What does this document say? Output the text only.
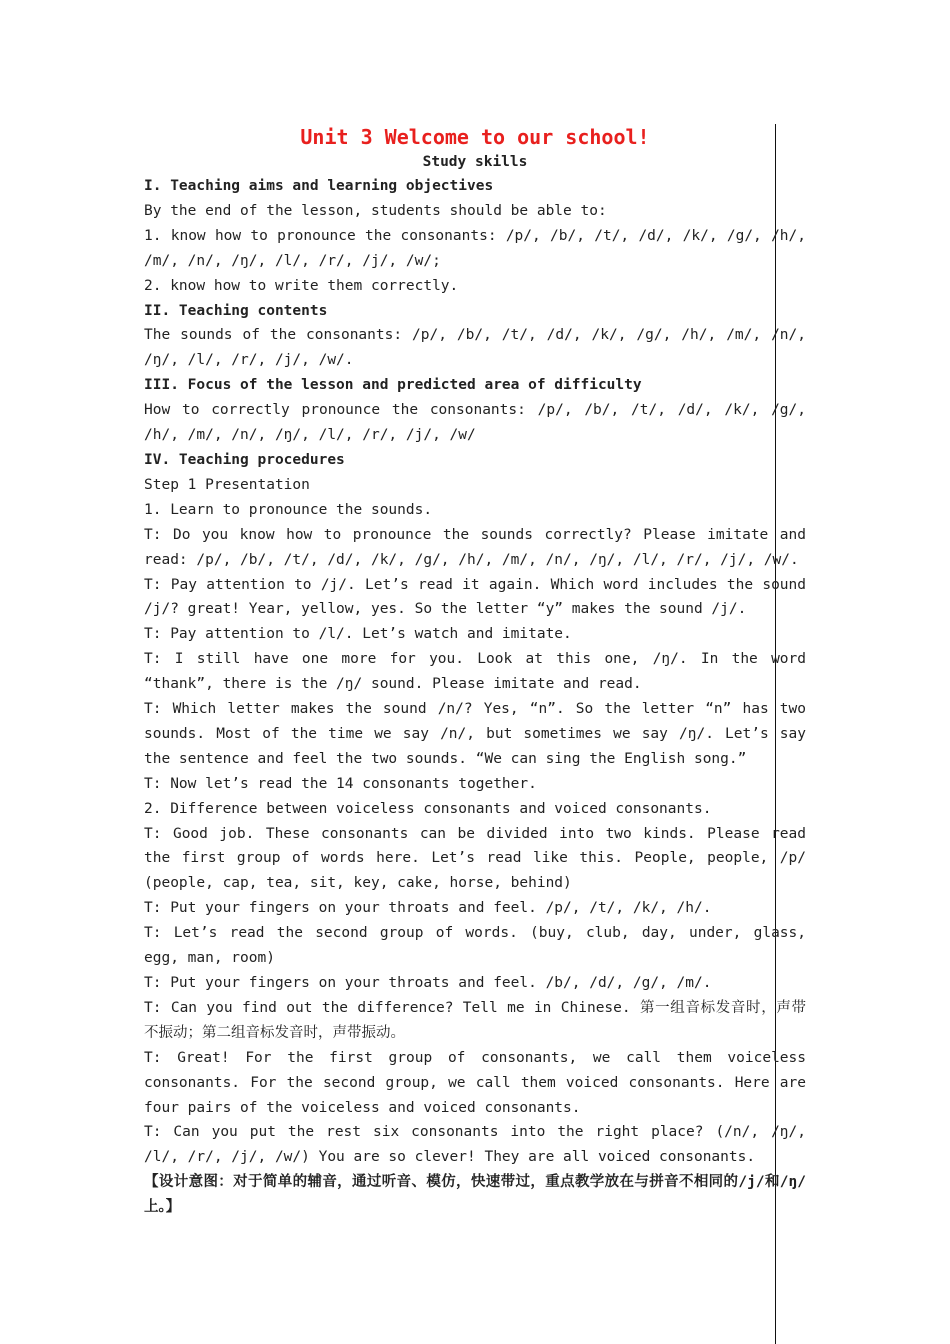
Unit 3 Welcome to our school!
Study skills

I. Teaching aims and learning objectives

By the end of the lesson, students should be able to:

1. know how to pronounce the consonants: /p/, /b/, /t/, /d/, /k/, /g/, /h/, /m/, /n/, /ŋ/, /l/, /r/, /j/, /w/;

2. know how to write them correctly.

II. Teaching contents

The sounds of the consonants: /p/, /b/, /t/, /d/, /k/, /g/, /h/, /m/, /n/, /ŋ/, /l/, /r/, /j/, /w/.

III. Focus of the lesson and predicted area of difficulty

How to correctly pronounce the consonants: /p/, /b/, /t/, /d/, /k/, /g/, /h/, /m/, /n/, /ŋ/, /l/, /r/, /j/, /w/

IV. Teaching procedures

Step 1 Presentation

1. Learn to pronounce the sounds.

T: Do you know how to pronounce the sounds correctly? Please imitate and read: /p/, /b/, /t/, /d/, /k/, /g/, /h/, /m/, /n/, /ŋ/, /l/, /r/, /j/, /w/.

T: Pay attention to /j/. Let’s read it again. Which word includes the sound /j/? great! Year, yellow, yes. So the letter “y” makes the sound /j/.

T: Pay attention to /l/. Let’s watch and imitate.

T: I still have one more for you. Look at this one, /ŋ/. In the word “thank”, there is the /ŋ/ sound. Please imitate and read.

T: Which letter makes the sound /n/? Yes, “n”. So the letter “n” has two sounds. Most of the time we say /n/, but sometimes we say /ŋ/. Let’s say the sentence and feel the two sounds. “We can sing the English song.”

T: Now let’s read the 14 consonants together.

2. Difference between voiceless consonants and voiced consonants.

T: Good job. These consonants can be divided into two kinds. Please read the first group of words here. Let’s read like this. People, people, /p/ (people, cap, tea, sit, key, cake, horse, behind)

T: Put your fingers on your throats and feel. /p/, /t/, /k/, /h/.

T: Let’s read the second group of words. (buy, club, day, under, glass, egg, man, room)

T: Put your fingers on your throats and feel. /b/, /d/, /g/, /m/.

T: Can you find out the difference? Tell me in Chinese. 第一组音标发音时，声带不振动；第二组音标发音时，声带振动。

T: Great! For the first group of consonants, we call them voiceless consonants. For the second group, we call them voiced consonants. Here are four pairs of the voiceless and voiced consonants.

T: Can you put the rest six consonants into the right place? (/n/, /ŋ/, /l/, /r/, /j/, /w/) You are so clever! They are all voiced consonants.

【设计意图：对于简单的辅音，通过听音、模仿，快速带过，重点教学放在与拼音不相同的/j/和/ŋ/上。】
